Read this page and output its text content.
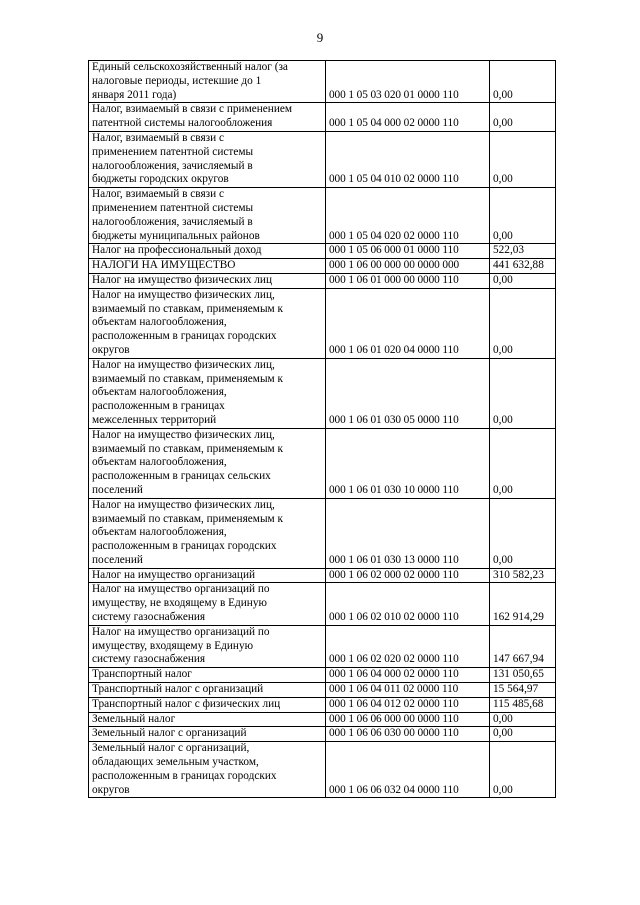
9
Единый сельскохозяйственный налог (за
налоговые периоды, истекшие до 1
января 2011 года)	000 1 05 03 020 01 0000 110	0,00
Налог, взимаемый в связи с применением
патентной системы налогообложения	000 1 05 04 000 02 0000 110	0,00
Налог, взимаемый в связи с
применением патентной системы
налогообложения, зачисляемый в
бюджеты городских округов	000 1 05 04 010 02 0000 110	0,00
Налог, взимаемый в связи с
применением патентной системы
налогообложения, зачисляемый в
бюджеты муниципальных районов	000 1 05 04 020 02 0000 110	0,00
Налог на профессиональный доход	000 1 05 06 000 01 0000 110	522,03
НАЛОГИ НА ИМУЩЕСТВО	000 1 06 00 000 00 0000 000	441 632,88
Налог на имущество физических лиц	000 1 06 01 000 00 0000 110	0,00
Налог на имущество физических лиц,
взимаемый по ставкам, применяемым к
объектам налогообложения,
расположенным в границах городских
округов	000 1 06 01 020 04 0000 110	0,00
Налог на имущество физических лиц,
взимаемый по ставкам, применяемым к
объектам налогообложения,
расположенным в границах
межселенных территорий	000 1 06 01 030 05 0000 110	0,00
Налог на имущество физических лиц,
взимаемый по ставкам, применяемым к
объектам налогообложения,
расположенным в границах сельских
поселений	000 1 06 01 030 10 0000 110	0,00
Налог на имущество физических лиц,
взимаемый по ставкам, применяемым к
объектам налогообложения,
расположенным в границах городских
поселений	000 1 06 01 030 13 0000 110	0,00
Налог на имущество организаций	000 1 06 02 000 02 0000 110	310 582,23
Налог на имущество организаций по
имуществу, не входящему в Единую
систему газоснабжения	000 1 06 02 010 02 0000 110	162 914,29
Налог на имущество организаций по
имуществу, входящему в Единую
систему газоснабжения	000 1 06 02 020 02 0000 110	147 667,94
Транспортный налог	000 1 06 04 000 02 0000 110	131 050,65
Транспортный налог с организаций	000 1 06 04 011 02 0000 110	15 564,97
Транспортный налог с физических лиц	000 1 06 04 012 02 0000 110	115 485,68
Земельный налог	000 1 06 06 000 00 0000 110	0,00
Земельный налог с организаций	000 1 06 06 030 00 0000 110	0,00
Земельный налог с организаций,
обладающих земельным участком,
расположенным в границах городских
округов	000 1 06 06 032 04 0000 110	0,00
